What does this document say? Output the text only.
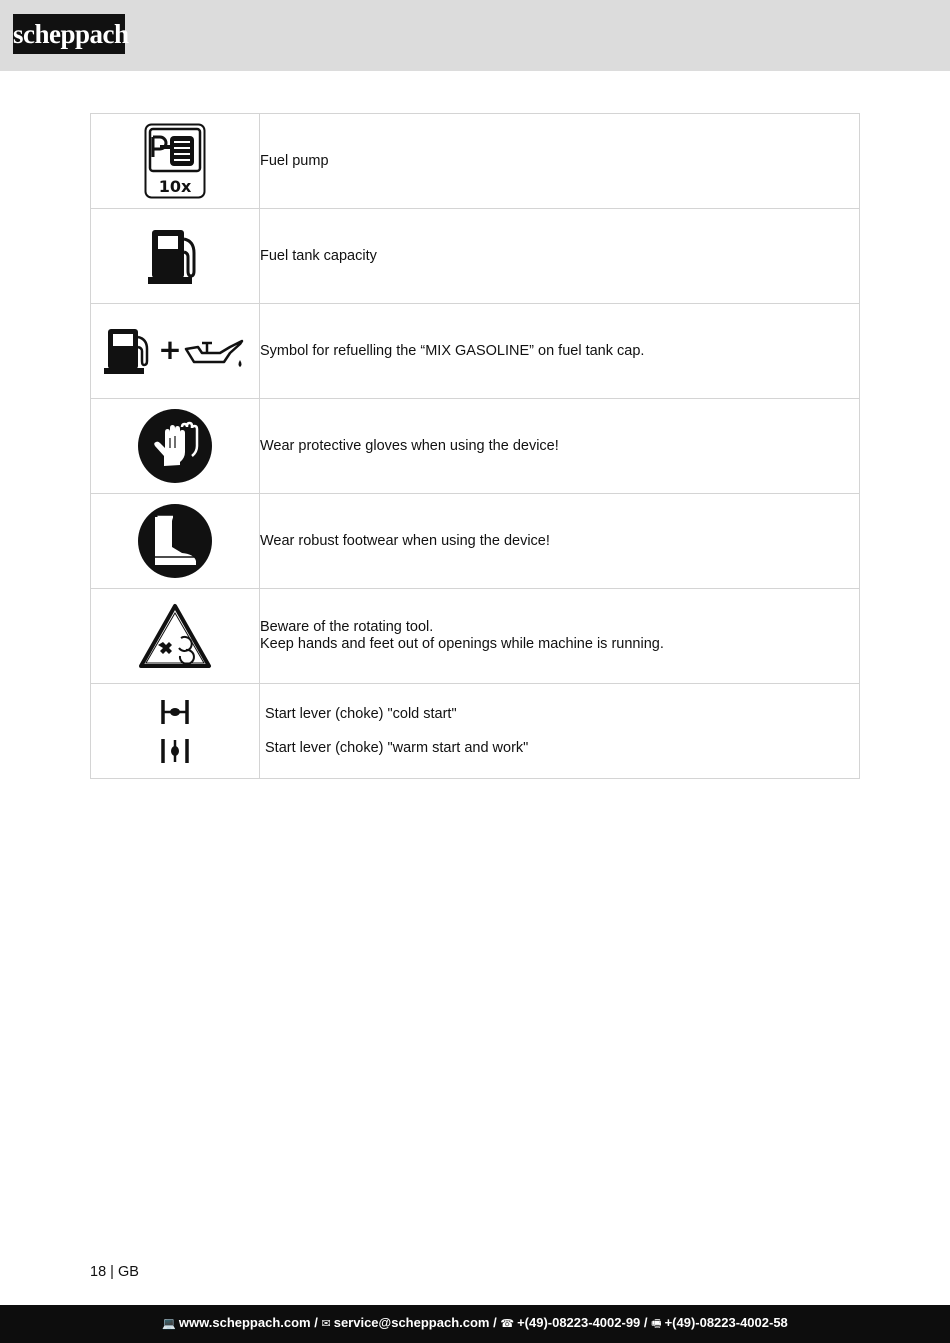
scheppach
10x	Fuel pump

Fuel tank capacity

+	Symbol for refuelling the “MIX GASOLINE” on fuel tank cap.

Wear protective gloves when using the device!

Wear robust footwear when using the device!

Beware of the rotating tool.
Keep hands and feet out of openings while machine is running.

Start lever (choke) "cold start"
Start lever (choke) "warm start and work"
18 | GB
💻 www.scheppach.com / ✉ service@scheppach.com / ☎ +(49)-08223-4002-99 / 🖷 +(49)-08223-4002-58
